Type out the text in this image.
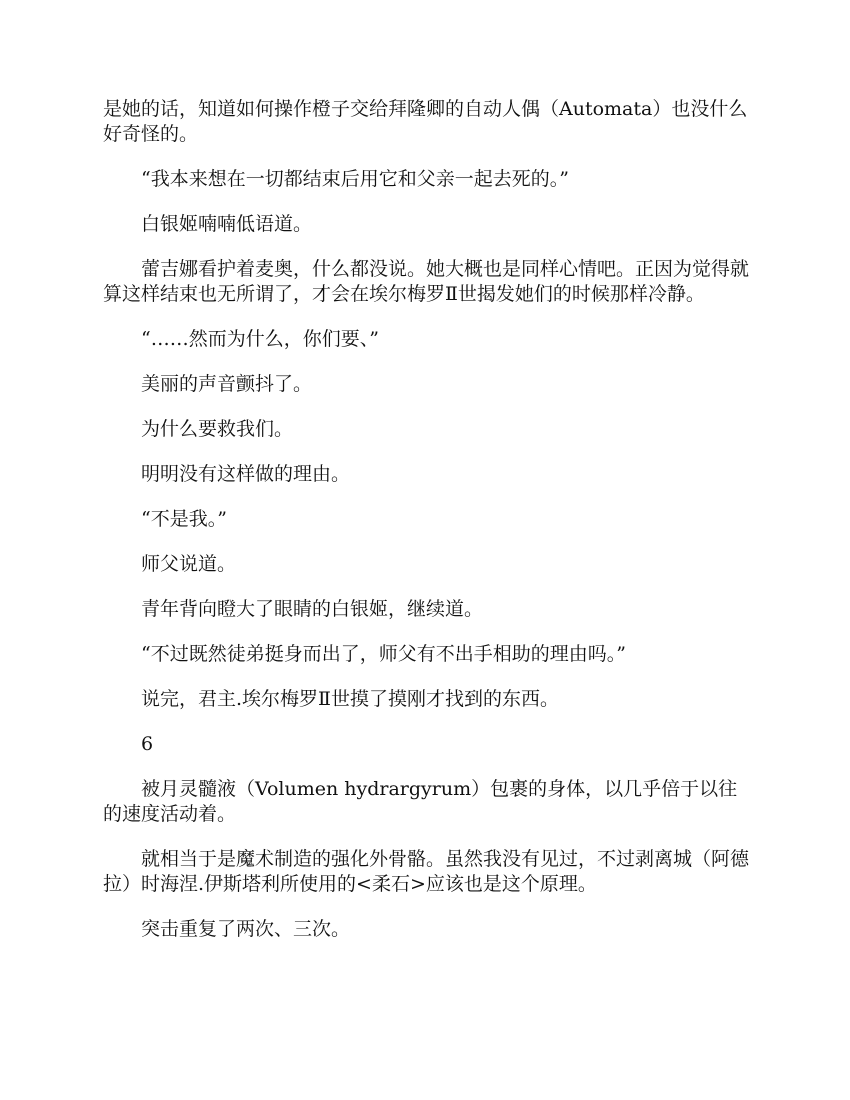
是她的话，知道如何操作橙子交给拜隆卿的自动人偶（Automata）也没什么好奇怪的。

“我本来想在一切都结束后用它和父亲一起去死的。”

白银姬喃喃低语道。

蕾吉娜看护着麦奥，什么都没说。她大概也是同样心情吧。正因为觉得就算这样结束也无所谓了，才会在埃尔梅罗Ⅱ世揭发她们的时候那样冷静。

“……然而为什么，你们要、”

美丽的声音颤抖了。

为什么要救我们。

明明没有这样做的理由。

“不是我。”

师父说道。

青年背向瞪大了眼睛的白银姬，继续道。

“不过既然徒弟挺身而出了，师父有不出手相助的理由吗。”

说完，君主.埃尔梅罗Ⅱ世摸了摸刚才找到的东西。

6

被月灵髓液（Volumen hydrargyrum）包裹的身体，以几乎倍于以往的速度活动着。

就相当于是魔术制造的强化外骨骼。虽然我没有见过，不过剥离城（阿德拉）时海涅.伊斯塔利所使用的<柔石>应该也是这个原理。

突击重复了两次、三次。
